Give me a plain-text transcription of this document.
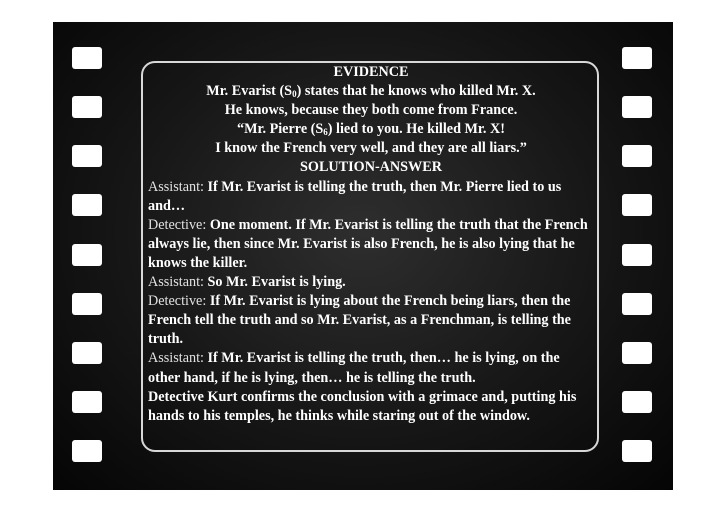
EVIDENCE

Mr. Evarist $(S_0)$ states that he knows who killed Mr. X.

He knows, because they both come from France.

“Mr. Pierre $(S_6)$ lied to you. He killed Mr. X!

I know the French very well, and they are all liars.”

SOLUTION-ANSWER

Assistant: If Mr. Evarist is telling the truth, then Mr. Pierre lied to us and…

Detective: One moment. If Mr. Evarist is telling the truth that the French always lie, then since Mr. Evarist is also French, he is also lying that he knows the killer.

Assistant: So Mr. Evarist is lying.

Detective: If Mr. Evarist is lying about the French being liars, then the French tell the truth and so Mr. Evarist, as a Frenchman, is telling the truth.

Assistant: If Mr. Evarist is telling the truth, then… he is lying, on the other hand, if he is lying, then… he is telling the truth.

Detective Kurt confirms the conclusion with a grimace and, putting his hands to his temples, he thinks while staring out of the window.
